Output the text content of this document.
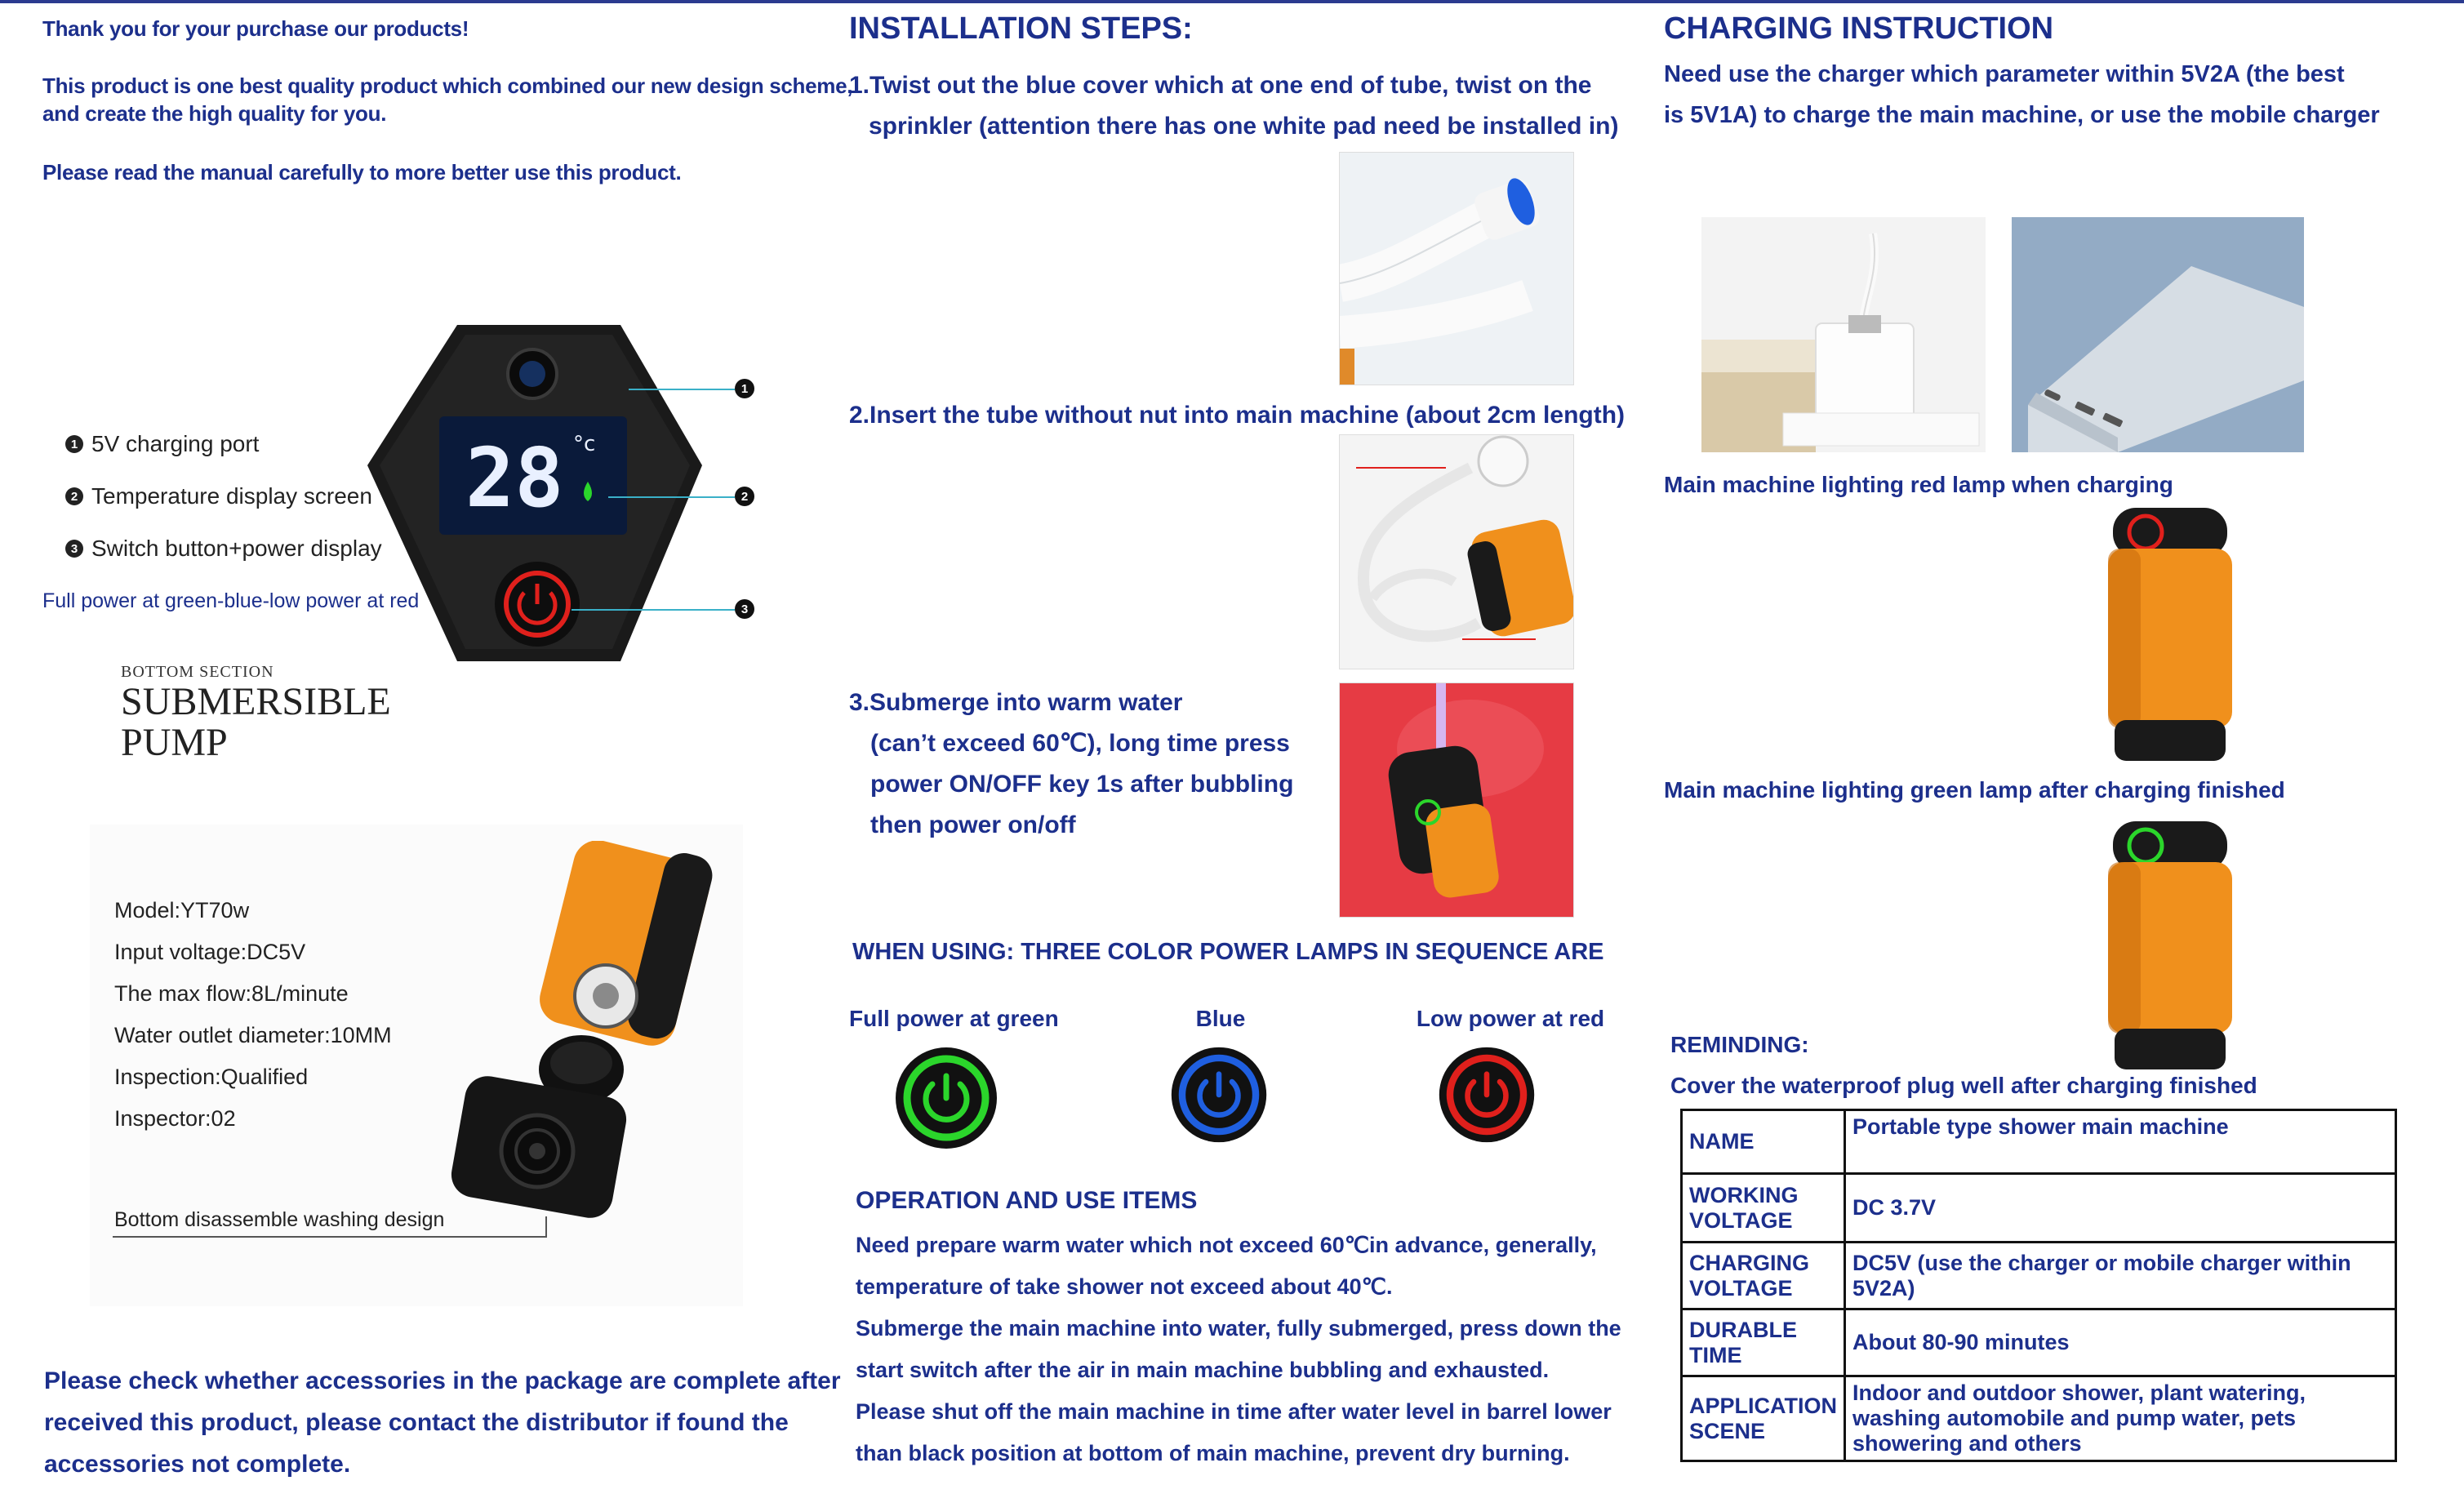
Thank you for your purchase our products!
This product is one best quality product which combined our new design scheme,
and create the high quality for you.
Please read the manual carefully to more better use this product.
28 °c
1
2
3
1 5V charging port
2 Temperature display screen
3 Switch button+power display
Full power at green-blue-low power at red
BOTTOM SECTION
SUBMERSIBLE
PUMP
Model:YT70w
Input voltage:DC5V
The max flow:8L/minute
Water outlet diameter:10MM
Inspection:Qualified
Inspector:02
Bottom disassemble washing design
Please check whether accessories in the package are complete after
received this product, please contact the distributor if found the
accessories not complete.
INSTALLATION STEPS:
1.Twist out the blue cover which at one end of tube, twist on the
sprinkler (attention there has one white pad need be installed in)
2.Insert the tube without nut into main machine (about 2cm length)
3.Submerge into warm water
(can’t exceed 60℃), long time press
power ON/OFF key 1s after bubbling
then power on/off
WHEN USING: THREE COLOR POWER LAMPS IN SEQUENCE ARE
Full power at green	Blue	Low power at red
OPERATION AND USE ITEMS
Need prepare warm water which not exceed 60℃in advance, generally,
temperature of take shower not exceed about 40℃.
Submerge the main machine into water, fully submerged, press down the
start switch after the air in main machine bubbling and exhausted.
Please shut off the main machine in time after water level in barrel lower
than black position at bottom of main machine, prevent dry burning.
CHARGING INSTRUCTION
Need use the charger which parameter within 5V2A (the best
is 5V1A) to charge the main machine, or use the mobile charger
Main machine lighting red lamp when charging
Main machine lighting green lamp after charging finished
REMINDING:
Cover the waterproof plug well after charging finished
NAME	Portable type shower main machine
WORKING VOLTAGE	DC 3.7V
CHARGING VOLTAGE	DC5V (use the charger or mobile charger within 5V2A)
DURABLE TIME	About 80-90 minutes
APPLICATION SCENE	Indoor and outdoor shower, plant watering, washing automobile and pump water, pets showering and others
